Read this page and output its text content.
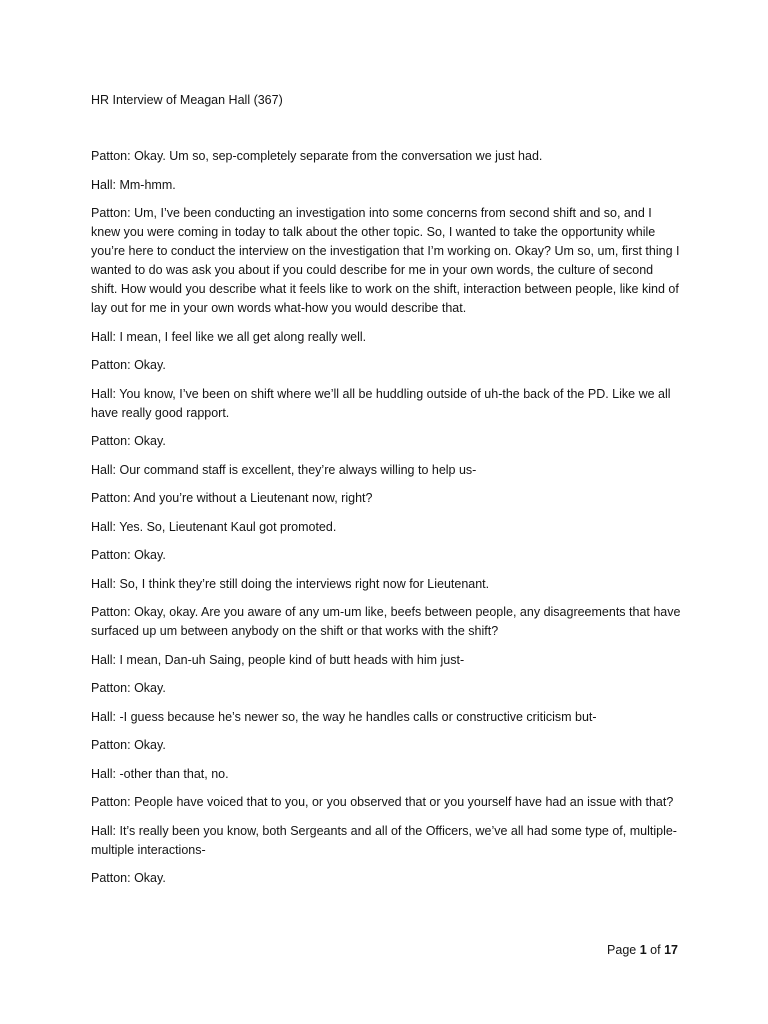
HR Interview of Meagan Hall (367)

Patton: Okay. Um so, sep-completely separate from the conversation we just had.

Hall: Mm-hmm.

Patton: Um, I’ve been conducting an investigation into some concerns from second shift and so, and I knew you were coming in today to talk about the other topic. So, I wanted to take the opportunity while you’re here to conduct the interview on the investigation that I’m working on. Okay? Um so, um, first thing I wanted to do was ask you about if you could describe for me in your own words, the culture of second shift. How would you describe what it feels like to work on the shift, interaction between people, like kind of lay out for me in your own words what-how you would describe that.

Hall: I mean, I feel like we all get along really well.

Patton: Okay.

Hall: You know, I’ve been on shift where we’ll all be huddling outside of uh-the back of the PD. Like we all have really good rapport.

Patton: Okay.

Hall: Our command staff is excellent, they’re always willing to help us-

Patton: And you’re without a Lieutenant now, right?

Hall: Yes. So, Lieutenant Kaul got promoted.

Patton: Okay.

Hall: So, I think they’re still doing the interviews right now for Lieutenant.

Patton: Okay, okay. Are you aware of any um-um like, beefs between people, any disagreements that have surfaced up um between anybody on the shift or that works with the shift?

Hall: I mean, Dan-uh Saing, people kind of butt heads with him just-

Patton: Okay.

Hall: -I guess because he’s newer so, the way he handles calls or constructive criticism but-

Patton: Okay.

Hall: -other than that, no.

Patton: People have voiced that to you, or you observed that or you yourself have had an issue with that?

Hall: It’s really been you know, both Sergeants and all of the Officers, we’ve all had some type of, multiple-multiple interactions-

Patton: Okay.

Page 1 of 17
